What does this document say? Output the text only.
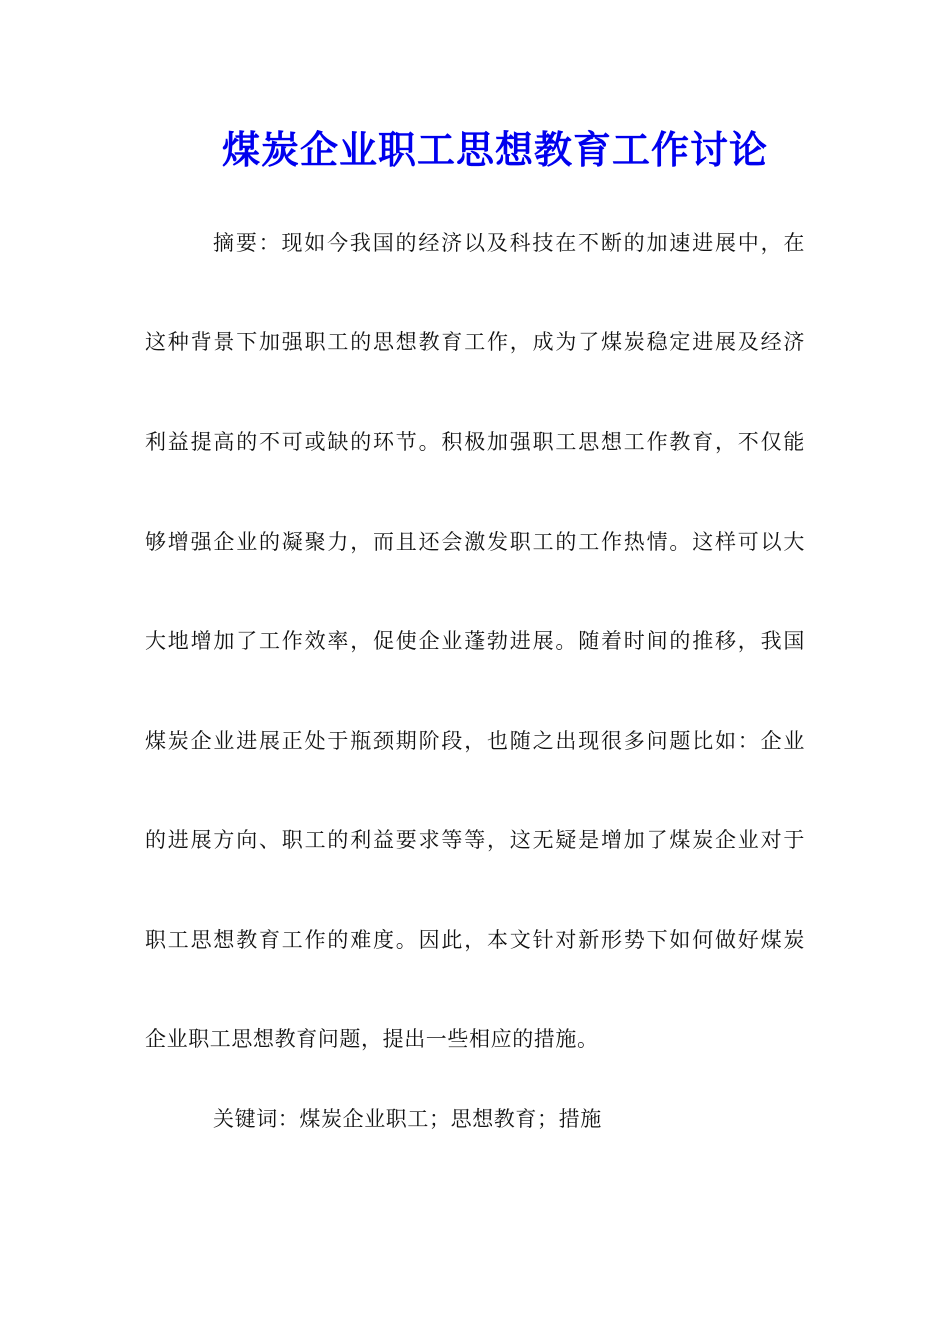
煤炭企业职工思想教育工作讨论
摘要：现如今我国的经济以及科技在不断的加速进展中，在
这种背景下加强职工的思想教育工作，成为了煤炭稳定进展及经济
利益提高的不可或缺的环节。积极加强职工思想工作教育，不仅能
够增强企业的凝聚力，而且还会激发职工的工作热情。这样可以大
大地增加了工作效率，促使企业蓬勃进展。随着时间的推移，我国
煤炭企业进展正处于瓶颈期阶段，也随之出现很多问题比如：企业
的进展方向、职工的利益要求等等，这无疑是增加了煤炭企业对于
职工思想教育工作的难度。因此，本文针对新形势下如何做好煤炭
企业职工思想教育问题，提出一些相应的措施。
关键词：煤炭企业职工；思想教育；措施
